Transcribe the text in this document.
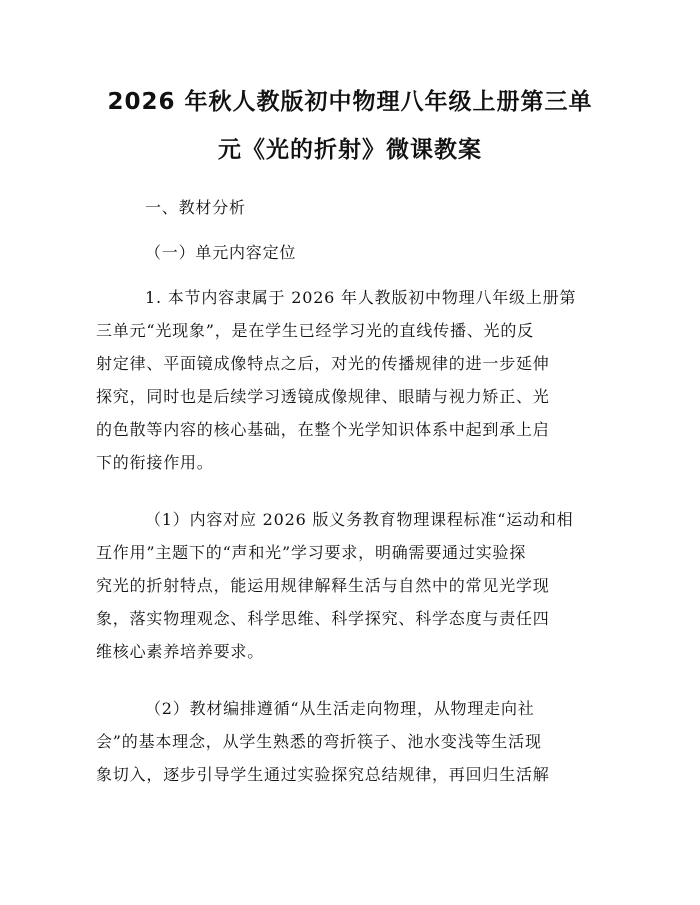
2026 年秋人教版初中物理八年级上册第三单
元《光的折射》微课教案
一、教材分析
（一）单元内容定位
1. 本节内容隶属于 2026 年人教版初中物理八年级上册第
三单元“光现象”，是在学生已经学习光的直线传播、光的反
射定律、平面镜成像特点之后，对光的传播规律的进一步延伸
探究，同时也是后续学习透镜成像规律、眼睛与视力矫正、光
的色散等内容的核心基础，在整个光学知识体系中起到承上启
下的衔接作用。
（1）内容对应 2026 版义务教育物理课程标准“运动和相
互作用”主题下的“声和光”学习要求，明确需要通过实验探
究光的折射特点，能运用规律解释生活与自然中的常见光学现
象，落实物理观念、科学思维、科学探究、科学态度与责任四
维核心素养培养要求。
（2）教材编排遵循“从生活走向物理，从物理走向社
会”的基本理念，从学生熟悉的弯折筷子、池水变浅等生活现
象切入，逐步引导学生通过实验探究总结规律，再回归生活解
